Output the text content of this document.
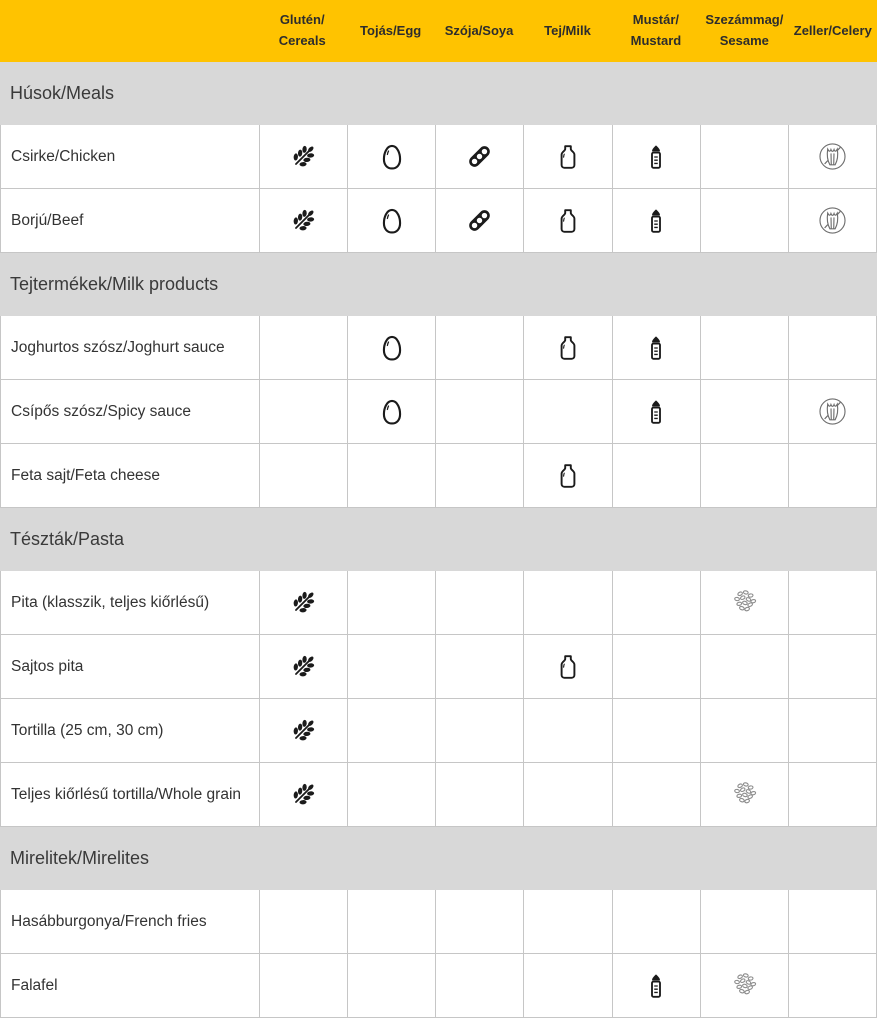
Glutén/
Cereals
Tojás/Egg	Szója/Soya	Tej/Milk
Mustár/
Mustard
Szezámmag/
Sesame
Zeller/Celery
Húsok/Meals
Csirke/Chicken
Borjú/Beef
Tejtermékek/Milk products
Joghurtos szósz/Joghurt sauce
Csípős szósz/Spicy sauce
Feta sajt/Feta cheese
Tészták/Pasta
Pita (klasszik, teljes kiőrlésű)
Sajtos pita
Tortilla (25 cm, 30 cm)
Teljes kiőrlésű tortilla/Whole grain
Mirelitek/Mirelites
Hasábburgonya/French fries
Falafel
